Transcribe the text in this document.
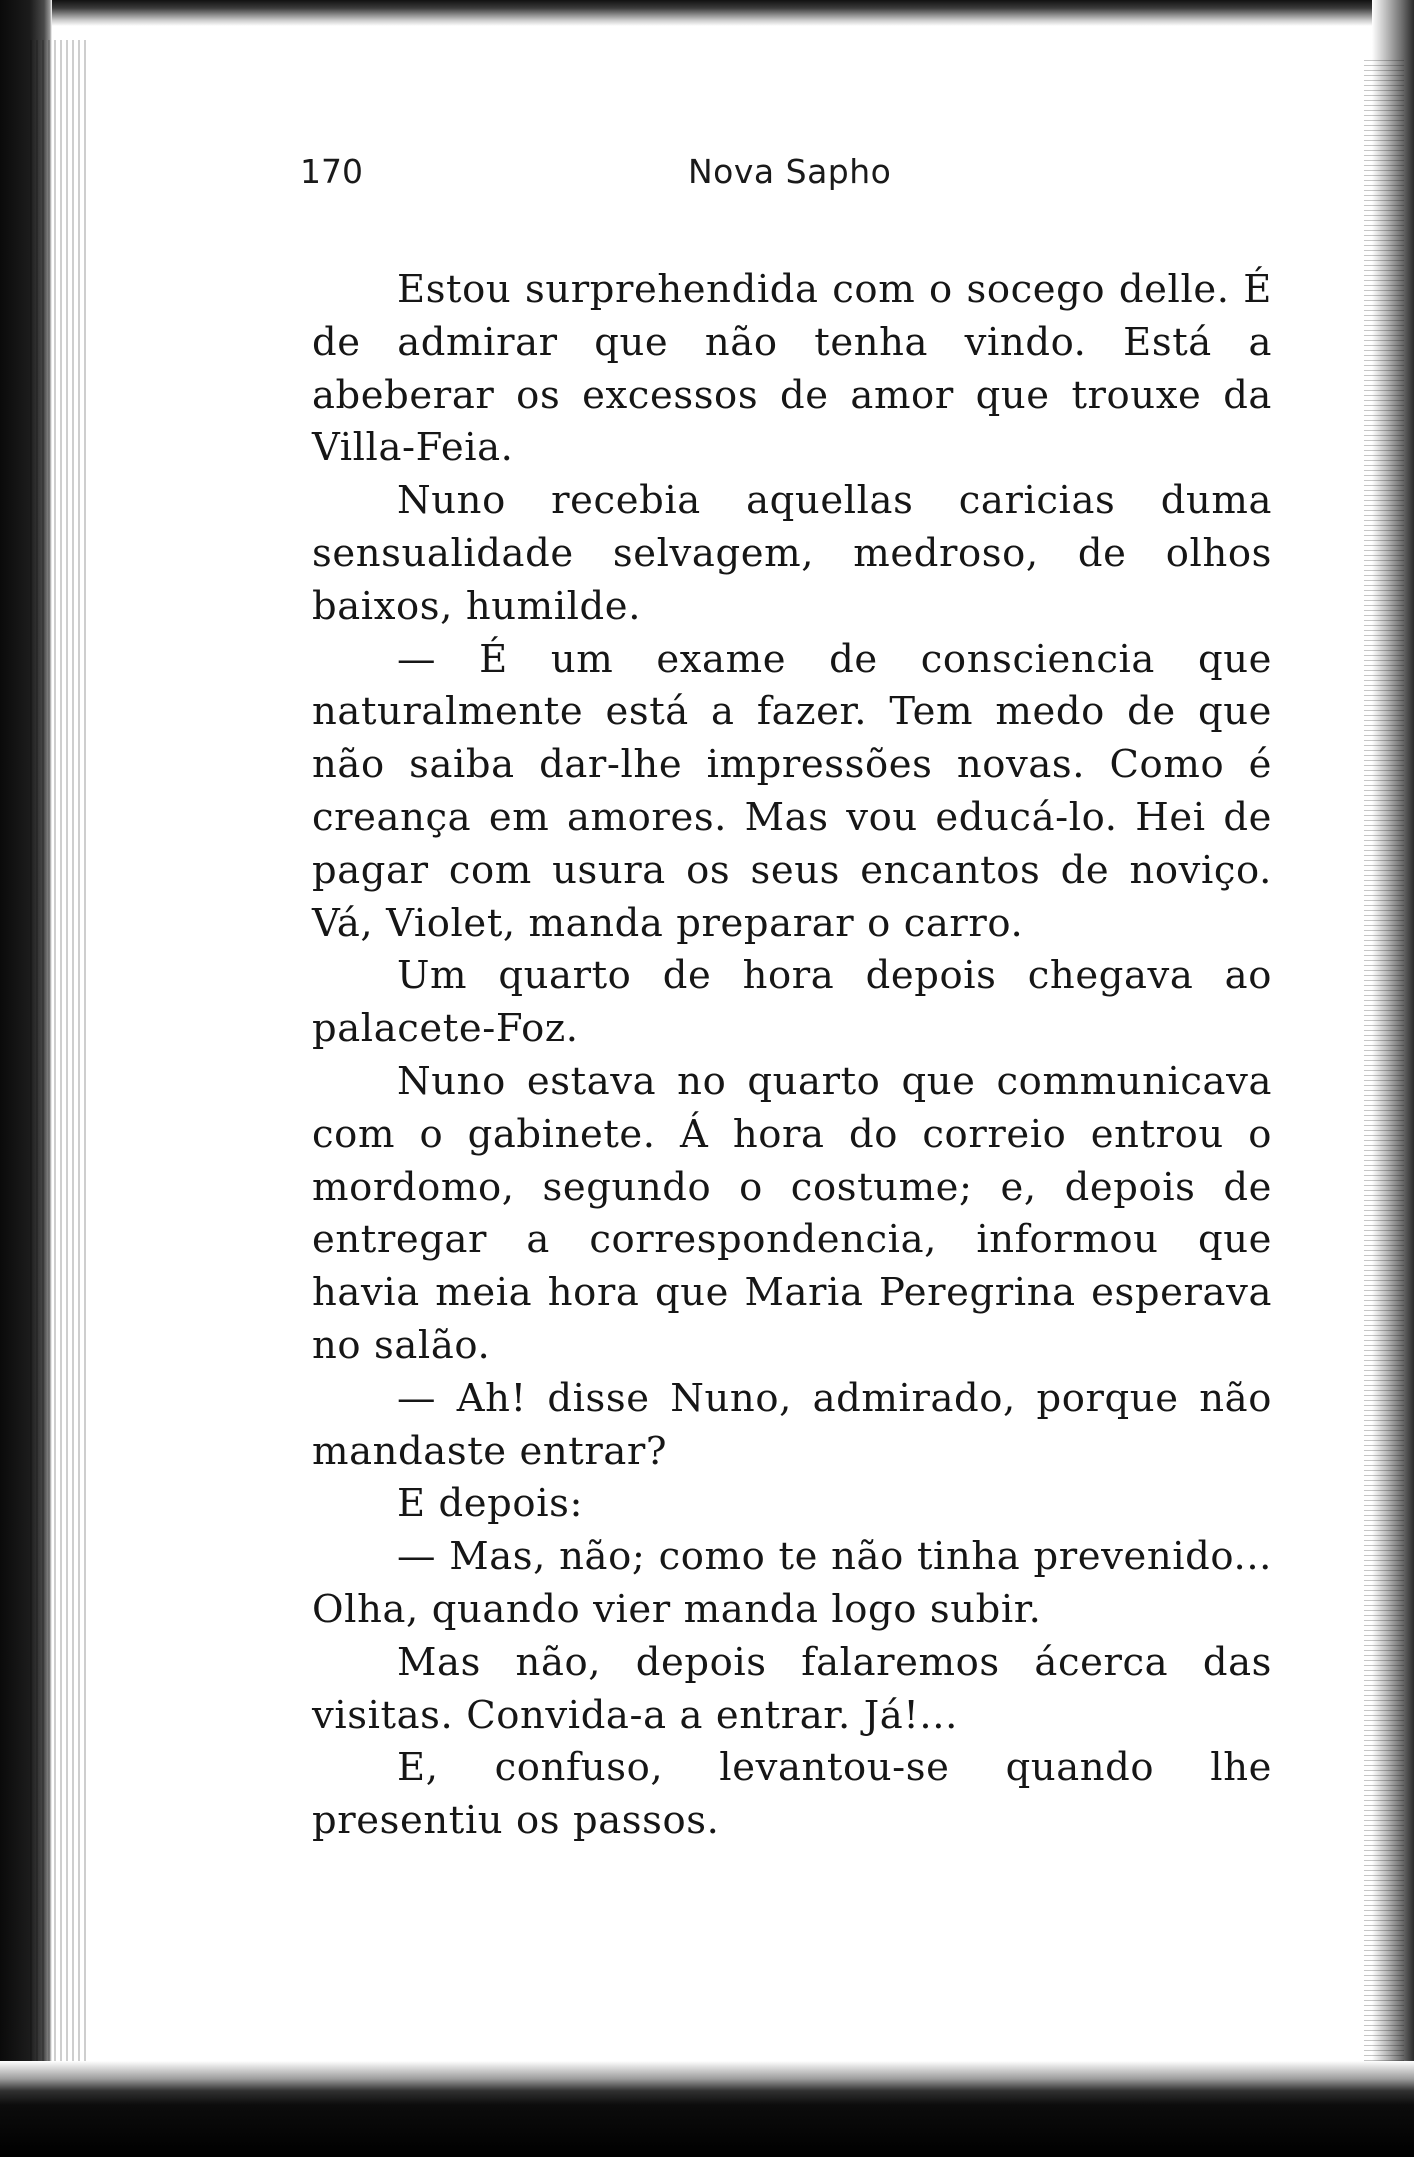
170	Nova Sapho

Estou surprehendida com o socego delle. É de admirar que não tenha vindo. Está a abeberar os excessos de amor que trouxe da Villa-Feia.

Nuno recebia aquellas caricias duma sensualidade selvagem, medroso, de olhos baixos, humilde.

— É um exame de consciencia que naturalmente está a fazer. Tem medo de que não saiba dar-lhe impressões novas. Como é creança em amores. Mas vou educá-lo. Hei de pagar com usura os seus encantos de noviço. Vá, Violet, manda preparar o carro.

Um quarto de hora depois chegava ao palacete-Foz.

Nuno estava no quarto que communicava com o gabinete. Á hora do correio entrou o mordomo, segundo o costume; e, depois de entregar a correspondencia, informou que havia meia hora que Maria Peregrina esperava no salão.

— Ah! disse Nuno, admirado, porque não mandaste entrar?

E depois:

— Mas, não; como te não tinha prevenido... Olha, quando vier manda logo subir.

Mas não, depois falaremos ácerca das visitas. Convida-a a entrar. Já!...

E, confuso, levantou-se quando lhe presentiu os passos.
